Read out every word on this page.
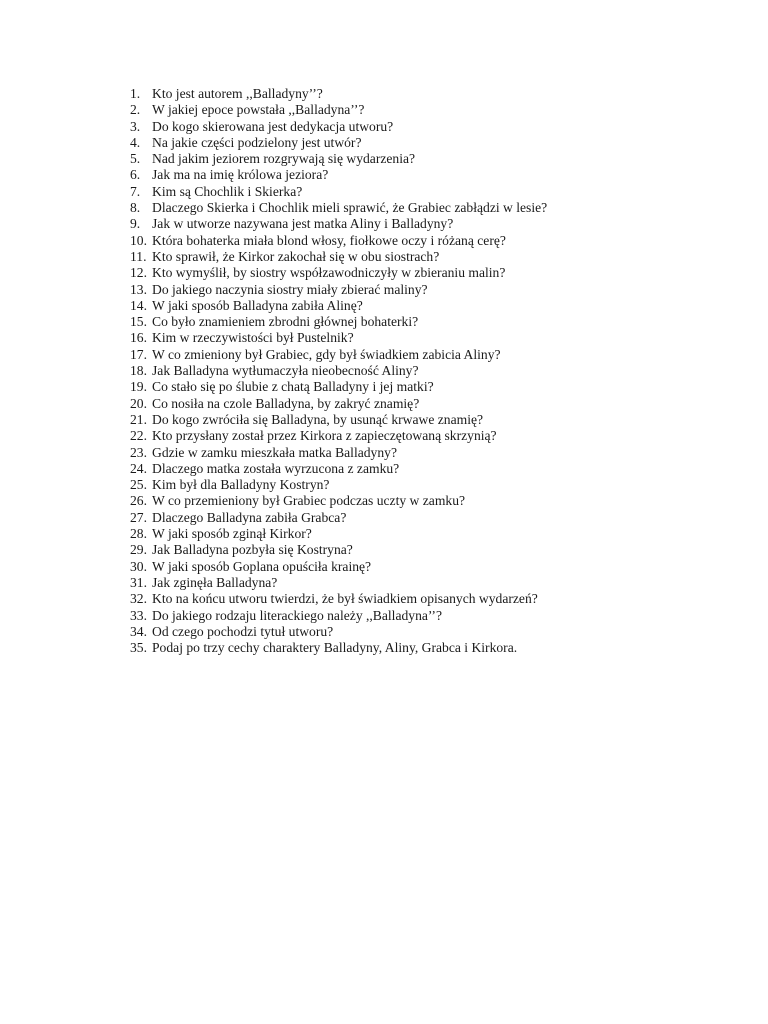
1. Kto jest autorem ,,Balladyny’’?
2. W jakiej epoce powstała ,,Balladyna’’?
3. Do kogo skierowana jest dedykacja utworu?
4. Na jakie części podzielony jest utwór?
5. Nad jakim jeziorem rozgrywają się wydarzenia?
6. Jak ma na imię królowa jeziora?
7. Kim są Chochlik i Skierka?
8. Dlaczego Skierka i Chochlik mieli sprawić, że Grabiec zabłądzi w lesie?
9. Jak w utworze nazywana jest matka Aliny i Balladyny?
10. Która bohaterka miała blond włosy, fiołkowe oczy i różaną cerę?
11. Kto sprawił, że Kirkor zakochał się w obu siostrach?
12. Kto wymyślił, by siostry współzawodniczyły w zbieraniu malin?
13. Do jakiego naczynia siostry miały zbierać maliny?
14. W jaki sposób Balladyna zabiła Alinę?
15. Co było znamieniem zbrodni głównej bohaterki?
16. Kim w rzeczywistości był Pustelnik?
17. W co zmieniony był Grabiec, gdy był świadkiem zabicia Aliny?
18. Jak Balladyna wytłumaczyła nieobecność Aliny?
19. Co stało się po ślubie z chatą Balladyny i jej matki?
20. Co nosiła na czole Balladyna, by zakryć znamię?
21. Do kogo zwróciła się Balladyna, by usunąć krwawe znamię?
22. Kto przysłany został przez Kirkora z zapieczętowaną skrzynią?
23. Gdzie w zamku mieszkała matka Balladyny?
24. Dlaczego matka została wyrzucona z zamku?
25. Kim był dla Balladyny Kostryn?
26. W co przemieniony był Grabiec podczas uczty w zamku?
27. Dlaczego Balladyna zabiła Grabca?
28. W jaki sposób zginął Kirkor?
29. Jak Balladyna pozbyła się Kostryna?
30. W jaki sposób Goplana opuściła krainę?
31. Jak zginęła Balladyna?
32. Kto na końcu utworu twierdzi, że był świadkiem opisanych wydarzeń?
33. Do jakiego rodzaju literackiego należy ,,Balladyna’’?
34. Od czego pochodzi tytuł utworu?
35. Podaj po trzy cechy charaktery Balladyny, Aliny, Grabca i Kirkora.
